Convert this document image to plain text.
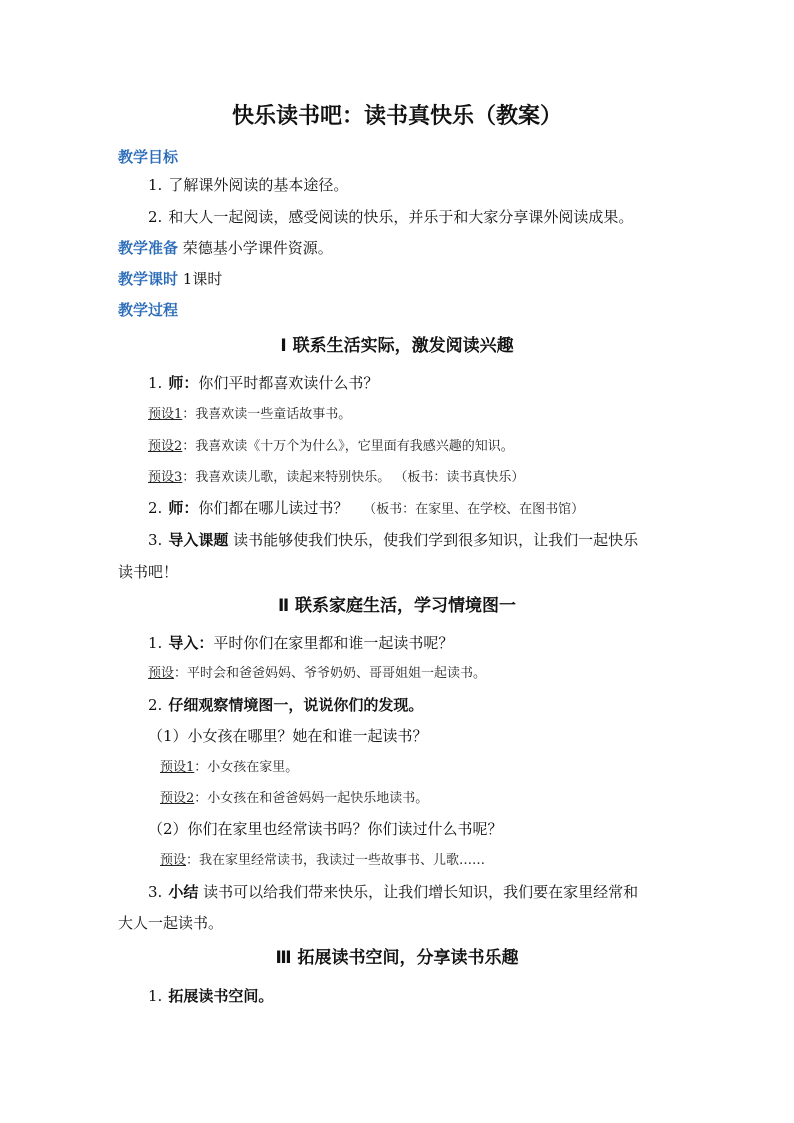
快乐读书吧：读书真快乐（教案）
教学目标
1. 了解课外阅读的基本途径。
2. 和大人一起阅读，感受阅读的快乐，并乐于和大家分享课外阅读成果。
教学准备 荣德基小学课件资源。
教学课时 1课时
教学过程
Ⅰ 联系生活实际，激发阅读兴趣
1. 师：你们平时都喜欢读什么书？
预设1：我喜欢读一些童话故事书。
预设2：我喜欢读《十万个为什么》，它里面有我感兴趣的知识。
预设3：我喜欢读儿歌，读起来特别快乐。 （板书：读书真快乐）
2. 师：你们都在哪儿读过书？ （板书：在家里、在学校、在图书馆）
3. 导入课题 读书能够使我们快乐，使我们学到很多知识，让我们一起快乐
读书吧！
Ⅱ 联系家庭生活，学习情境图一
1. 导入：平时你们在家里都和谁一起读书呢？
预设：平时会和爸爸妈妈、爷爷奶奶、哥哥姐姐一起读书。
2. 仔细观察情境图一，说说你们的发现。
（1）小女孩在哪里？她在和谁一起读书？
预设1：小女孩在家里。
预设2：小女孩在和爸爸妈妈一起快乐地读书。
（2）你们在家里也经常读书吗？你们读过什么书呢？
预设：我在家里经常读书，我读过一些故事书、儿歌……
3. 小结 读书可以给我们带来快乐，让我们增长知识，我们要在家里经常和
大人一起读书。
Ⅲ 拓展读书空间，分享读书乐趣
1. 拓展读书空间。
